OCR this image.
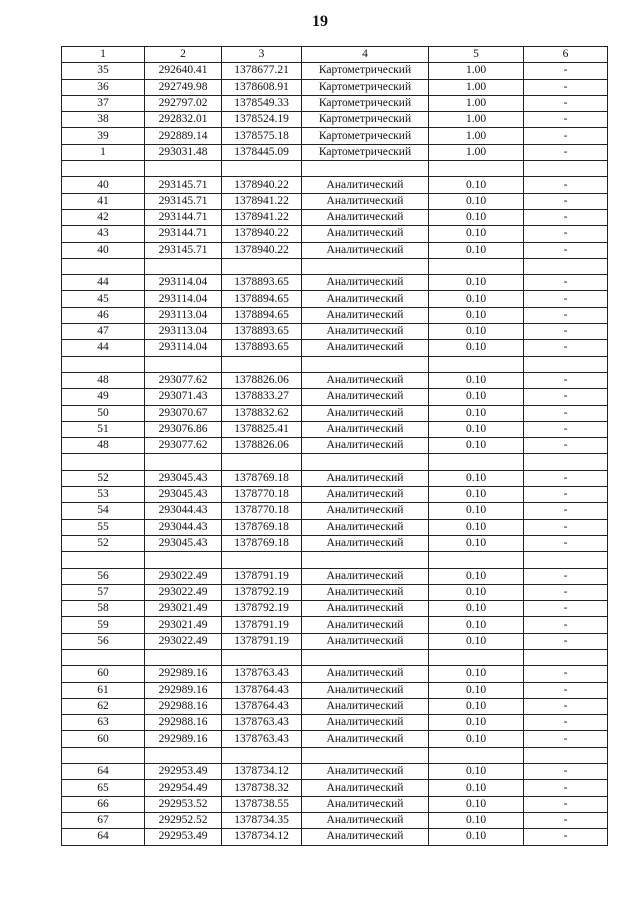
19
1	2	3	4	5	6
35	292640.41	1378677.21	Картометрический	1.00	-
36	292749.98	1378608.91	Картометрический	1.00	-
37	292797.02	1378549.33	Картометрический	1.00	-
38	292832.01	1378524.19	Картометрический	1.00	-
39	292889.14	1378575.18	Картометрический	1.00	-
1	293031.48	1378445.09	Картометрический	1.00	-

40	293145.71	1378940.22	Аналитический	0.10	-
41	293145.71	1378941.22	Аналитический	0.10	-
42	293144.71	1378941.22	Аналитический	0.10	-
43	293144.71	1378940.22	Аналитический	0.10	-
40	293145.71	1378940.22	Аналитический	0.10	-

44	293114.04	1378893.65	Аналитический	0.10	-
45	293114.04	1378894.65	Аналитический	0.10	-
46	293113.04	1378894.65	Аналитический	0.10	-
47	293113.04	1378893.65	Аналитический	0.10	-
44	293114.04	1378893.65	Аналитический	0.10	-

48	293077.62	1378826.06	Аналитический	0.10	-
49	293071.43	1378833.27	Аналитический	0.10	-
50	293070.67	1378832.62	Аналитический	0.10	-
51	293076.86	1378825.41	Аналитический	0.10	-
48	293077.62	1378826.06	Аналитический	0.10	-

52	293045.43	1378769.18	Аналитический	0.10	-
53	293045.43	1378770.18	Аналитический	0.10	-
54	293044.43	1378770.18	Аналитический	0.10	-
55	293044.43	1378769.18	Аналитический	0.10	-
52	293045.43	1378769.18	Аналитический	0.10	-

56	293022.49	1378791.19	Аналитический	0.10	-
57	293022.49	1378792.19	Аналитический	0.10	-
58	293021.49	1378792.19	Аналитический	0.10	-
59	293021.49	1378791.19	Аналитический	0.10	-
56	293022.49	1378791.19	Аналитический	0.10	-

60	292989.16	1378763.43	Аналитический	0.10	-
61	292989.16	1378764.43	Аналитический	0.10	-
62	292988.16	1378764.43	Аналитический	0.10	-
63	292988.16	1378763.43	Аналитический	0.10	-
60	292989.16	1378763.43	Аналитический	0.10	-

64	292953.49	1378734.12	Аналитический	0.10	-
65	292954.49	1378738.32	Аналитический	0.10	-
66	292953.52	1378738.55	Аналитический	0.10	-
67	292952.52	1378734.35	Аналитический	0.10	-
64	292953.49	1378734.12	Аналитический	0.10	-
